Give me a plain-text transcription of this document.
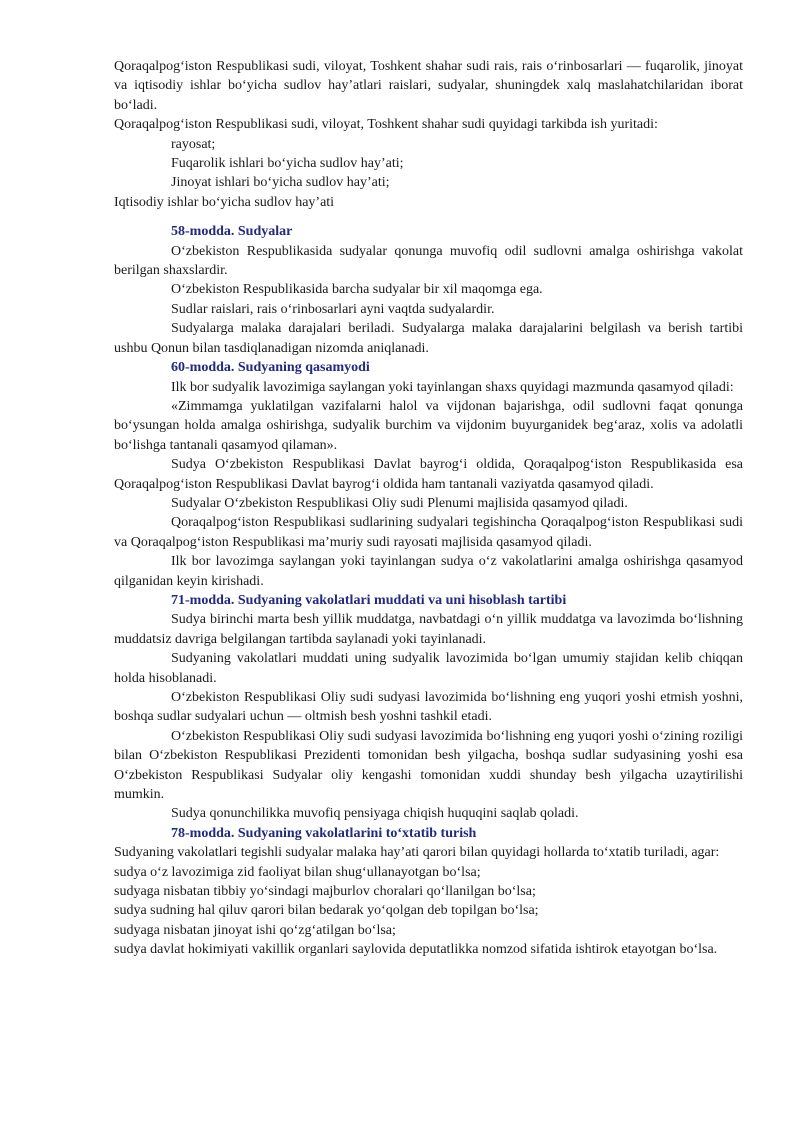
Qoraqalpog‘iston Respublikasi sudi, viloyat, Toshkent shahar sudi rais, rais o‘rinbosarlari — fuqarolik, jinoyat va iqtisodiy ishlar bo‘yicha sudlov hay’atlari raislari, sudyalar, shuningdek xalq maslahatchilaridan iborat bo‘ladi.

Qoraqalpog‘iston Respublikasi sudi, viloyat, Toshkent shahar sudi quyidagi tarkibda ish yuritadi:

rayosat;

Fuqarolik ishlari bo‘yicha sudlov hay’ati;

Jinoyat ishlari bo‘yicha sudlov hay’ati;

Iqtisodiy ishlar bo‘yicha sudlov hay’ati

58-modda. Sudyalar

O‘zbekiston Respublikasida sudyalar qonunga muvofiq odil sudlovni amalga oshirishga vakolat berilgan shaxslardir.

O‘zbekiston Respublikasida barcha sudyalar bir xil maqomga ega.

Sudlar raislari, rais o‘rinbosarlari ayni vaqtda sudyalardir.

Sudyalarga malaka darajalari beriladi. Sudyalarga malaka darajalarini belgilash va berish tartibi ushbu Qonun bilan tasdiqlanadigan nizomda aniqlanadi.

60-modda. Sudyaning qasamyodi

Ilk bor sudyalik lavozimiga saylangan yoki tayinlangan shaxs quyidagi mazmunda qasamyod qiladi:

«Zimmamga yuklatilgan vazifalarni halol va vijdonan bajarishga, odil sudlovni faqat qonunga bo‘ysungan holda amalga oshirishga, sudyalik burchim va vijdonim buyurganidek beg‘araz, xolis va adolatli bo‘lishga tantanali qasamyod qilaman».

Sudya O‘zbekiston Respublikasi Davlat bayrog‘i oldida, Qoraqalpog‘iston Respublikasida esa Qoraqalpog‘iston Respublikasi Davlat bayrog‘i oldida ham tantanali vaziyatda qasamyod qiladi.

Sudyalar O‘zbekiston Respublikasi Oliy sudi Plenumi majlisida qasamyod qiladi.

Qoraqalpog‘iston Respublikasi sudlarining sudyalari tegishincha Qoraqalpog‘iston Respublikasi sudi va Qoraqalpog‘iston Respublikasi ma’muriy sudi rayosati majlisida qasamyod qiladi.

Ilk bor lavozimga saylangan yoki tayinlangan sudya o‘z vakolatlarini amalga oshirishga qasamyod qilganidan keyin kirishadi.

71-modda. Sudyaning vakolatlari muddati va uni hisoblash tartibi

Sudya birinchi marta besh yillik muddatga, navbatdagi o‘n yillik muddatga va lavozimda bo‘lishning muddatsiz davriga belgilangan tartibda saylanadi yoki tayinlanadi.

Sudyaning vakolatlari muddati uning sudyalik lavozimida bo‘lgan umumiy stajidan kelib chiqqan holda hisoblanadi.

O‘zbekiston Respublikasi Oliy sudi sudyasi lavozimida bo‘lishning eng yuqori yoshi etmish yoshni, boshqa sudlar sudyalari uchun — oltmish besh yoshni tashkil etadi.

O‘zbekiston Respublikasi Oliy sudi sudyasi lavozimida bo‘lishning eng yuqori yoshi o‘zining roziligi bilan O‘zbekiston Respublikasi Prezidenti tomonidan besh yilgacha, boshqa sudlar sudyasining yoshi esa O‘zbekiston Respublikasi Sudyalar oliy kengashi tomonidan xuddi shunday besh yilgacha uzaytirilishi mumkin.

Sudya qonunchilikka muvofiq pensiyaga chiqish huquqini saqlab qoladi.

78-modda. Sudyaning vakolatlarini to‘xtatib turish

Sudyaning vakolatlari tegishli sudyalar malaka hay’ati qarori bilan quyidagi hollarda to‘xtatib turiladi, agar:

sudya o‘z lavozimiga zid faoliyat bilan shug‘ullanayotgan bo‘lsa;

sudyaga nisbatan tibbiy yo‘sindagi majburlov choralari qo‘llanilgan bo‘lsa;

sudya sudning hal qiluv qarori bilan bedarak yo‘qolgan deb topilgan bo‘lsa;

sudyaga nisbatan jinoyat ishi qo‘zg‘atilgan bo‘lsa;

sudya davlat hokimiyati vakillik organlari saylovida deputatlikka nomzod sifatida ishtirok etayotgan bo‘lsa.
